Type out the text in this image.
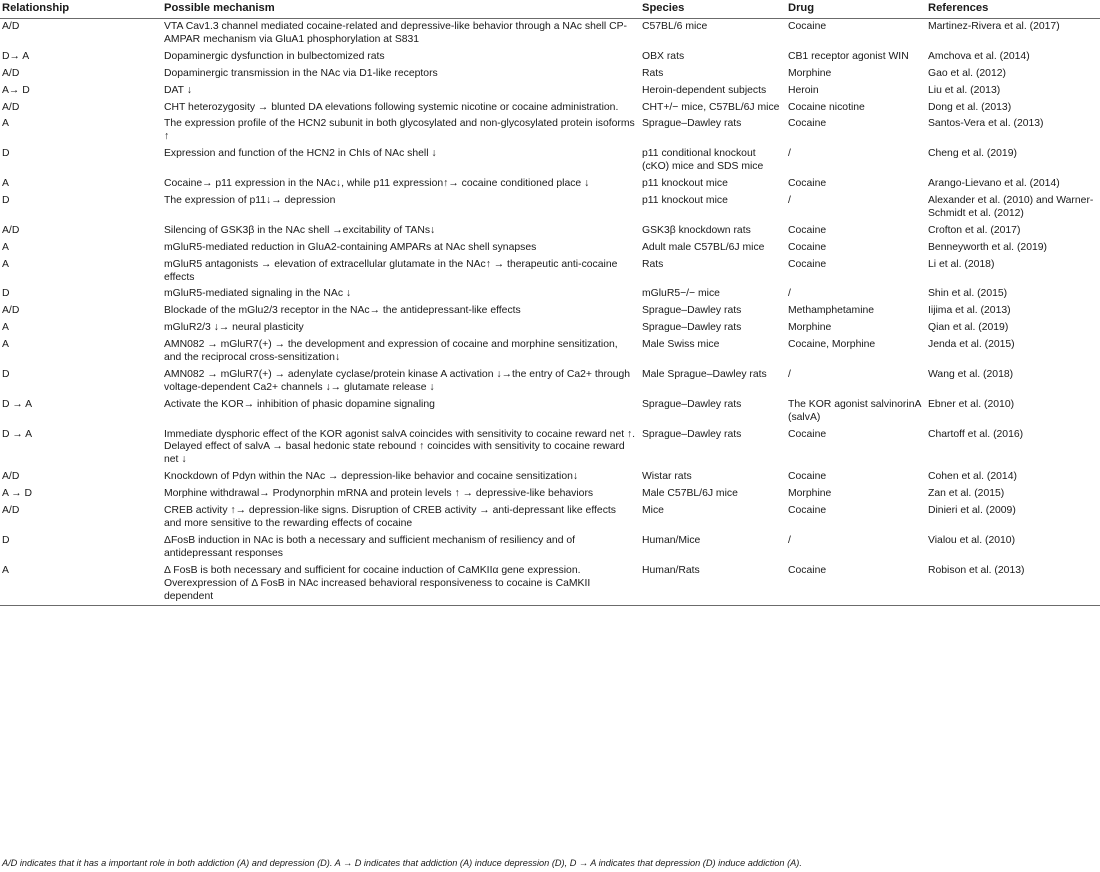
Relationship	Possible mechanism	Species	Drug	References
A/D	VTA Cav1.3 channel mediated cocaine-related and depressive-like behavior through a NAc shell CP-AMPAR mechanism via GluA1 phosphorylation at S831	C57BL/6 mice	Cocaine	Martinez-Rivera et al. (2017)
D→ A	Dopaminergic dysfunction in bulbectomized rats	OBX rats	CB1 receptor agonist WIN	Amchova et al. (2014)
A/D	Dopaminergic transmission in the NAc via D1-like receptors	Rats	Morphine	Gao et al. (2012)
A→ D	DAT ↓	Heroin-dependent subjects	Heroin	Liu et al. (2013)
A/D	CHT heterozygosity → blunted DA elevations following systemic nicotine or cocaine administration.	CHT+/− mice, C57BL/6J mice	Cocaine nicotine	Dong et al. (2013)
A	The expression profile of the HCN2 subunit in both glycosylated and non-glycosylated protein isoforms ↑	Sprague–Dawley rats	Cocaine	Santos-Vera et al. (2013)
D	Expression and function of the HCN2 in ChIs of NAc shell ↓	p11 conditional knockout (cKO) mice and SDS mice	/	Cheng et al. (2019)
A	Cocaine→ p11 expression in the NAc↓, while p11 expression↑→ cocaine conditioned place ↓	p11 knockout mice	Cocaine	Arango-Lievano et al. (2014)
D	The expression of p11↓→ depression	p11 knockout mice	/	Alexander et al. (2010) and Warner-Schmidt et al. (2012)
A/D	Silencing of GSK3β in the NAc shell →excitability of TANs↓	GSK3β knockdown rats	Cocaine	Crofton et al. (2017)
A	mGluR5-mediated reduction in GluA2-containing AMPARs at NAc shell synapses	Adult male C57BL/6J mice	Cocaine	Benneyworth et al. (2019)
A	mGluR5 antagonists → elevation of extracellular glutamate in the NAc↑ → therapeutic anti-cocaine effects	Rats	Cocaine	Li et al. (2018)
D	mGluR5-mediated signaling in the NAc ↓	mGluR5−/− mice	/	Shin et al. (2015)
A/D	Blockade of the mGlu2/3 receptor in the NAc→ the antidepressant-like effects	Sprague–Dawley rats	Methamphetamine	Iijima et al. (2013)
A	mGluR2/3 ↓→ neural plasticity	Sprague–Dawley rats	Morphine	Qian et al. (2019)
A	AMN082 → mGluR7(+) → the development and expression of cocaine and morphine sensitization, and the reciprocal cross-sensitization↓	Male Swiss mice	Cocaine, Morphine	Jenda et al. (2015)
D	AMN082 → mGluR7(+) → adenylate cyclase/protein kinase A activation ↓→the entry of Ca2+ through voltage-dependent Ca2+ channels ↓→ glutamate release ↓	Male Sprague–Dawley rats	/	Wang et al. (2018)
D → A	Activate the KOR→ inhibition of phasic dopamine signaling	Sprague–Dawley rats	The KOR agonist salvinorinA (salvA)	Ebner et al. (2010)
D → A	Immediate dysphoric effect of the KOR agonist salvA coincides with sensitivity to cocaine reward net ↑. Delayed effect of salvA → basal hedonic state rebound ↑ coincides with sensitivity to cocaine reward net ↓	Sprague–Dawley rats	Cocaine	Chartoff et al. (2016)
A/D	Knockdown of Pdyn within the NAc → depression-like behavior and cocaine sensitization↓	Wistar rats	Cocaine	Cohen et al. (2014)
A → D	Morphine withdrawal→ Prodynorphin mRNA and protein levels ↑ → depressive-like behaviors	Male C57BL/6J mice	Morphine	Zan et al. (2015)
A/D	CREB activity ↑→ depression-like signs. Disruption of CREB activity → anti-depressant like effects and more sensitive to the rewarding effects of cocaine	Mice	Cocaine	Dinieri et al. (2009)
D	ΔFosB induction in NAc is both a necessary and sufficient mechanism of resiliency and of antidepressant responses	Human/Mice	/	Vialou et al. (2010)
A	Δ FosB is both necessary and sufficient for cocaine induction of CaMKIIα gene expression. Overexpression of Δ FosB in NAc increased behavioral responsiveness to cocaine is CaMKII dependent	Human/Rats	Cocaine	Robison et al. (2013)
A/D indicates that it has a important role in both addiction (A) and depression (D). A → D indicates that addiction (A) induce depression (D), D → A indicates that depression (D) induce addiction (A).
